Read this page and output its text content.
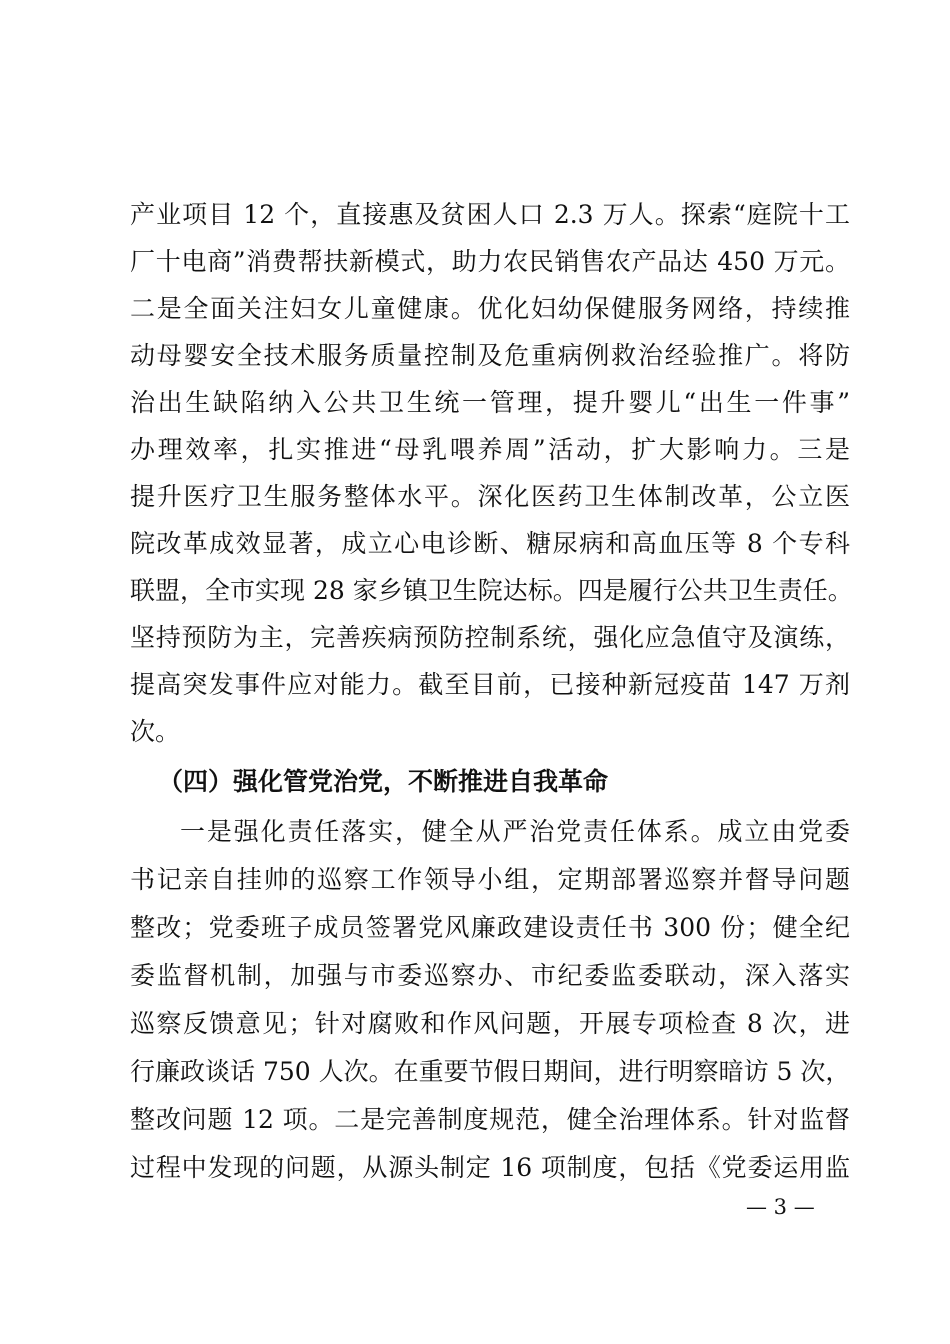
产业项目 12 个，直接惠及贫困人口 2.3 万人。探索“庭院十工
厂十电商”消费帮扶新模式，助力农民销售农产品达 450 万元。
二是全面关注妇女儿童健康。优化妇幼保健服务网络，持续推
动母婴安全技术服务质量控制及危重病例救治经验推广。将防
治出生缺陷纳入公共卫生统一管理，提升婴儿“出生一件事”
办理效率，扎实推进“母乳喂养周”活动，扩大影响力。三是
提升医疗卫生服务整体水平。深化医药卫生体制改革，公立医
院改革成效显著，成立心电诊断、糖尿病和高血压等 8 个专科
联盟，全市实现 28 家乡镇卫生院达标。四是履行公共卫生责任。
坚持预防为主，完善疾病预防控制系统，强化应急值守及演练，
提高突发事件应对能力。截至目前，已接种新冠疫苗 147 万剂
次。
（四）强化管党治党，不断推进自我革命
一是强化责任落实，健全从严治党责任体系。成立由党委
书记亲自挂帅的巡察工作领导小组，定期部署巡察并督导问题
整改；党委班子成员签署党风廉政建设责任书 300 份；健全纪
委监督机制，加强与市委巡察办、市纪委监委联动，深入落实
巡察反馈意见；针对腐败和作风问题，开展专项检查 8 次，进
行廉政谈话 750 人次。在重要节假日期间，进行明察暗访 5 次，
整改问题 12 项。二是完善制度规范，健全治理体系。针对监督
过程中发现的问题，从源头制定 16 项制度，包括《党委运用监
— 3 —
